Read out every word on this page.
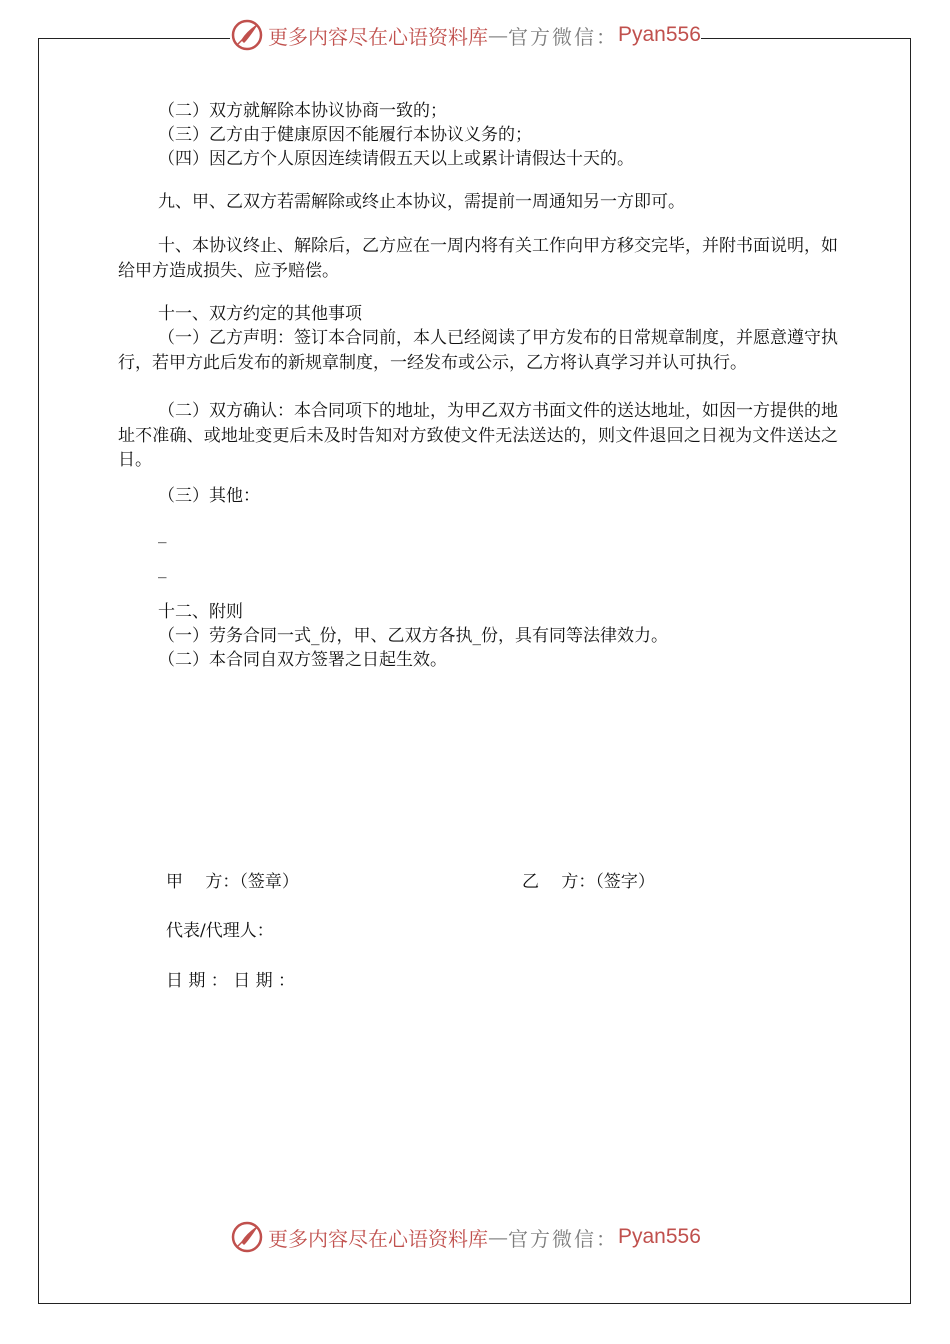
更多内容尽在心语资料库 — 官方微信： Pyan556
（二）双方就解除本协议协商一致的；
（三）乙方由于健康原因不能履行本协议义务的；
（四）因乙方个人原因连续请假五天以上或累计请假达十天的。
九、甲、乙双方若需解除或终止本协议，需提前一周通知另一方即可。

十、本协议终止、解除后，乙方应在一周内将有关工作向甲方移交完毕，并附书面说明，如给甲方造成损失、应予赔偿。

十一、双方约定的其他事项

（一）乙方声明：签订本合同前，本人已经阅读了甲方发布的日常规章制度，并愿意遵守执行，若甲方此后发布的新规章制度，一经发布或公示，乙方将认真学习并认可执行。

（二）双方确认：本合同项下的地址，为甲乙双方书面文件的送达地址，如因一方提供的地址不准确、或地址变更后未及时告知对方致使文件无法送达的，则文件退回之日视为文件送达之日。

（三）其他：
_
_
十二、附则
（一）劳务合同一式_份，甲、乙双方各执_份，具有同等法律效力。
（二）本合同自双方签署之日起生效。
甲　 方：（签章）	乙　 方：（签字）
代表/代理人：
日 期 ： 日 期 ：
更多内容尽在心语资料库 — 官方微信： Pyan556
